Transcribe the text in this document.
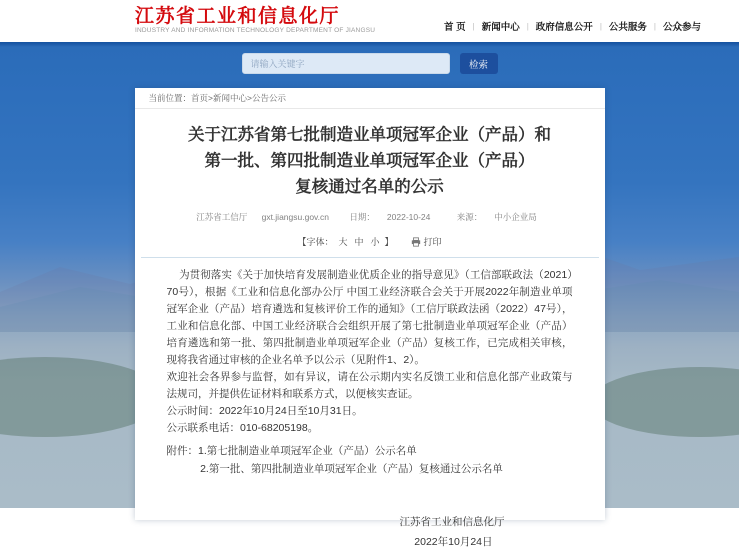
江苏省工业和信息化厅
INDUSTRY AND INFORMATION TECHNOLOGY DEPARTMENT OF JIANGSU	首 页 | 新闻中心 | 政府信息公开 | 公共服务 | 公众参与
请输入关键字
检索
当前位置：首页>新闻中心>公告公示
关于江苏省第七批制造业单项冠军企业（产品）和
第一批、第四批制造业单项冠军企业（产品）
复核通过名单的公示
江苏省工信厅 gxt.jiangsu.gov.cn 日期： 2022-10-24	来源： 中小企业局
【字体： 大 中 小 】	打印

为贯彻落实《关于加快培育发展制造业优质企业的指导意见》（工信部联政法（2021）70号），根据《工业和信息化部办公厅 中国工业经济联合会关于开展2022年制造业单项冠军企业（产品）培育遴选和复核评价工作的通知》（工信厅联政法函（2022）47号），工业和信息化部、中国工业经济联合会组织开展了第七批制造业单项冠军企业（产品）培育遴选和第一批、第四批制造业单项冠军企业（产品）复核工作，已完成相关审核，现将我省通过审核的企业名单予以公示（见附件1、2）。

欢迎社会各界参与监督，如有异议，请在公示期内实名反馈工业和信息化部产业政策与法规司，并提供佐证材料和联系方式，以便核实查证。

公示时间：2022年10月24日至10月31日。

公示联系电话：010-68205198。

附件： 1.第七批制造业单项冠军企业（产品）公示名单
2.第一批、第四批制造业单项冠军企业（产品）复核通过公示名单
江苏省工业和信息化厅
2022年10月24日
